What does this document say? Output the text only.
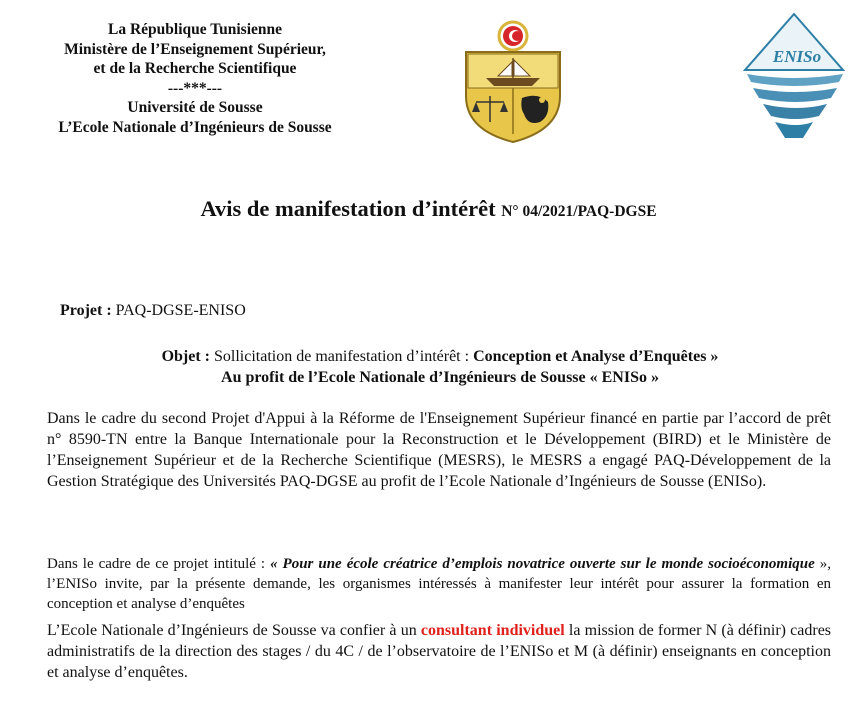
La République Tunisienne
Ministère de l’Enseignement Supérieur,
et de la Recherche Scientifique
---***---
Université de Sousse
L’Ecole Nationale d’Ingénieurs de Sousse
ENISo
Avis de manifestation d’intérêt N° 04/2021/PAQ-DGSE
Projet : PAQ-DGSE-ENISO
Objet : Sollicitation de manifestation d’intérêt : Conception et Analyse d’Enquêtes »
Au profit de l’Ecole Nationale d’Ingénieurs de Sousse « ENISo »
Dans le cadre du second Projet d'Appui à la Réforme de l'Enseignement Supérieur financé en partie par l’accord de prêt n° 8590-TN entre la Banque Internationale pour la Reconstruction et le Développement (BIRD) et le Ministère de l’Enseignement Supérieur et de la Recherche Scientifique (MESRS), le MESRS a engagé PAQ-Développement de la Gestion Stratégique des Universités PAQ-DGSE au profit de l’Ecole Nationale d’Ingénieurs de Sousse (ENISo).
Dans le cadre de ce projet intitulé : « Pour une école créatrice d’emplois novatrice ouverte sur le monde socioéconomique », l’ENISo invite, par la présente demande, les organismes intéressés à manifester leur intérêt pour assurer la formation en conception et analyse d’enquêtes
L’Ecole Nationale d’Ingénieurs de Sousse va confier à un consultant individuel la mission de former N (à définir) cadres administratifs de la direction des stages / du 4C / de l’observatoire de l’ENISo et M (à définir) enseignants en conception et analyse d’enquêtes.
